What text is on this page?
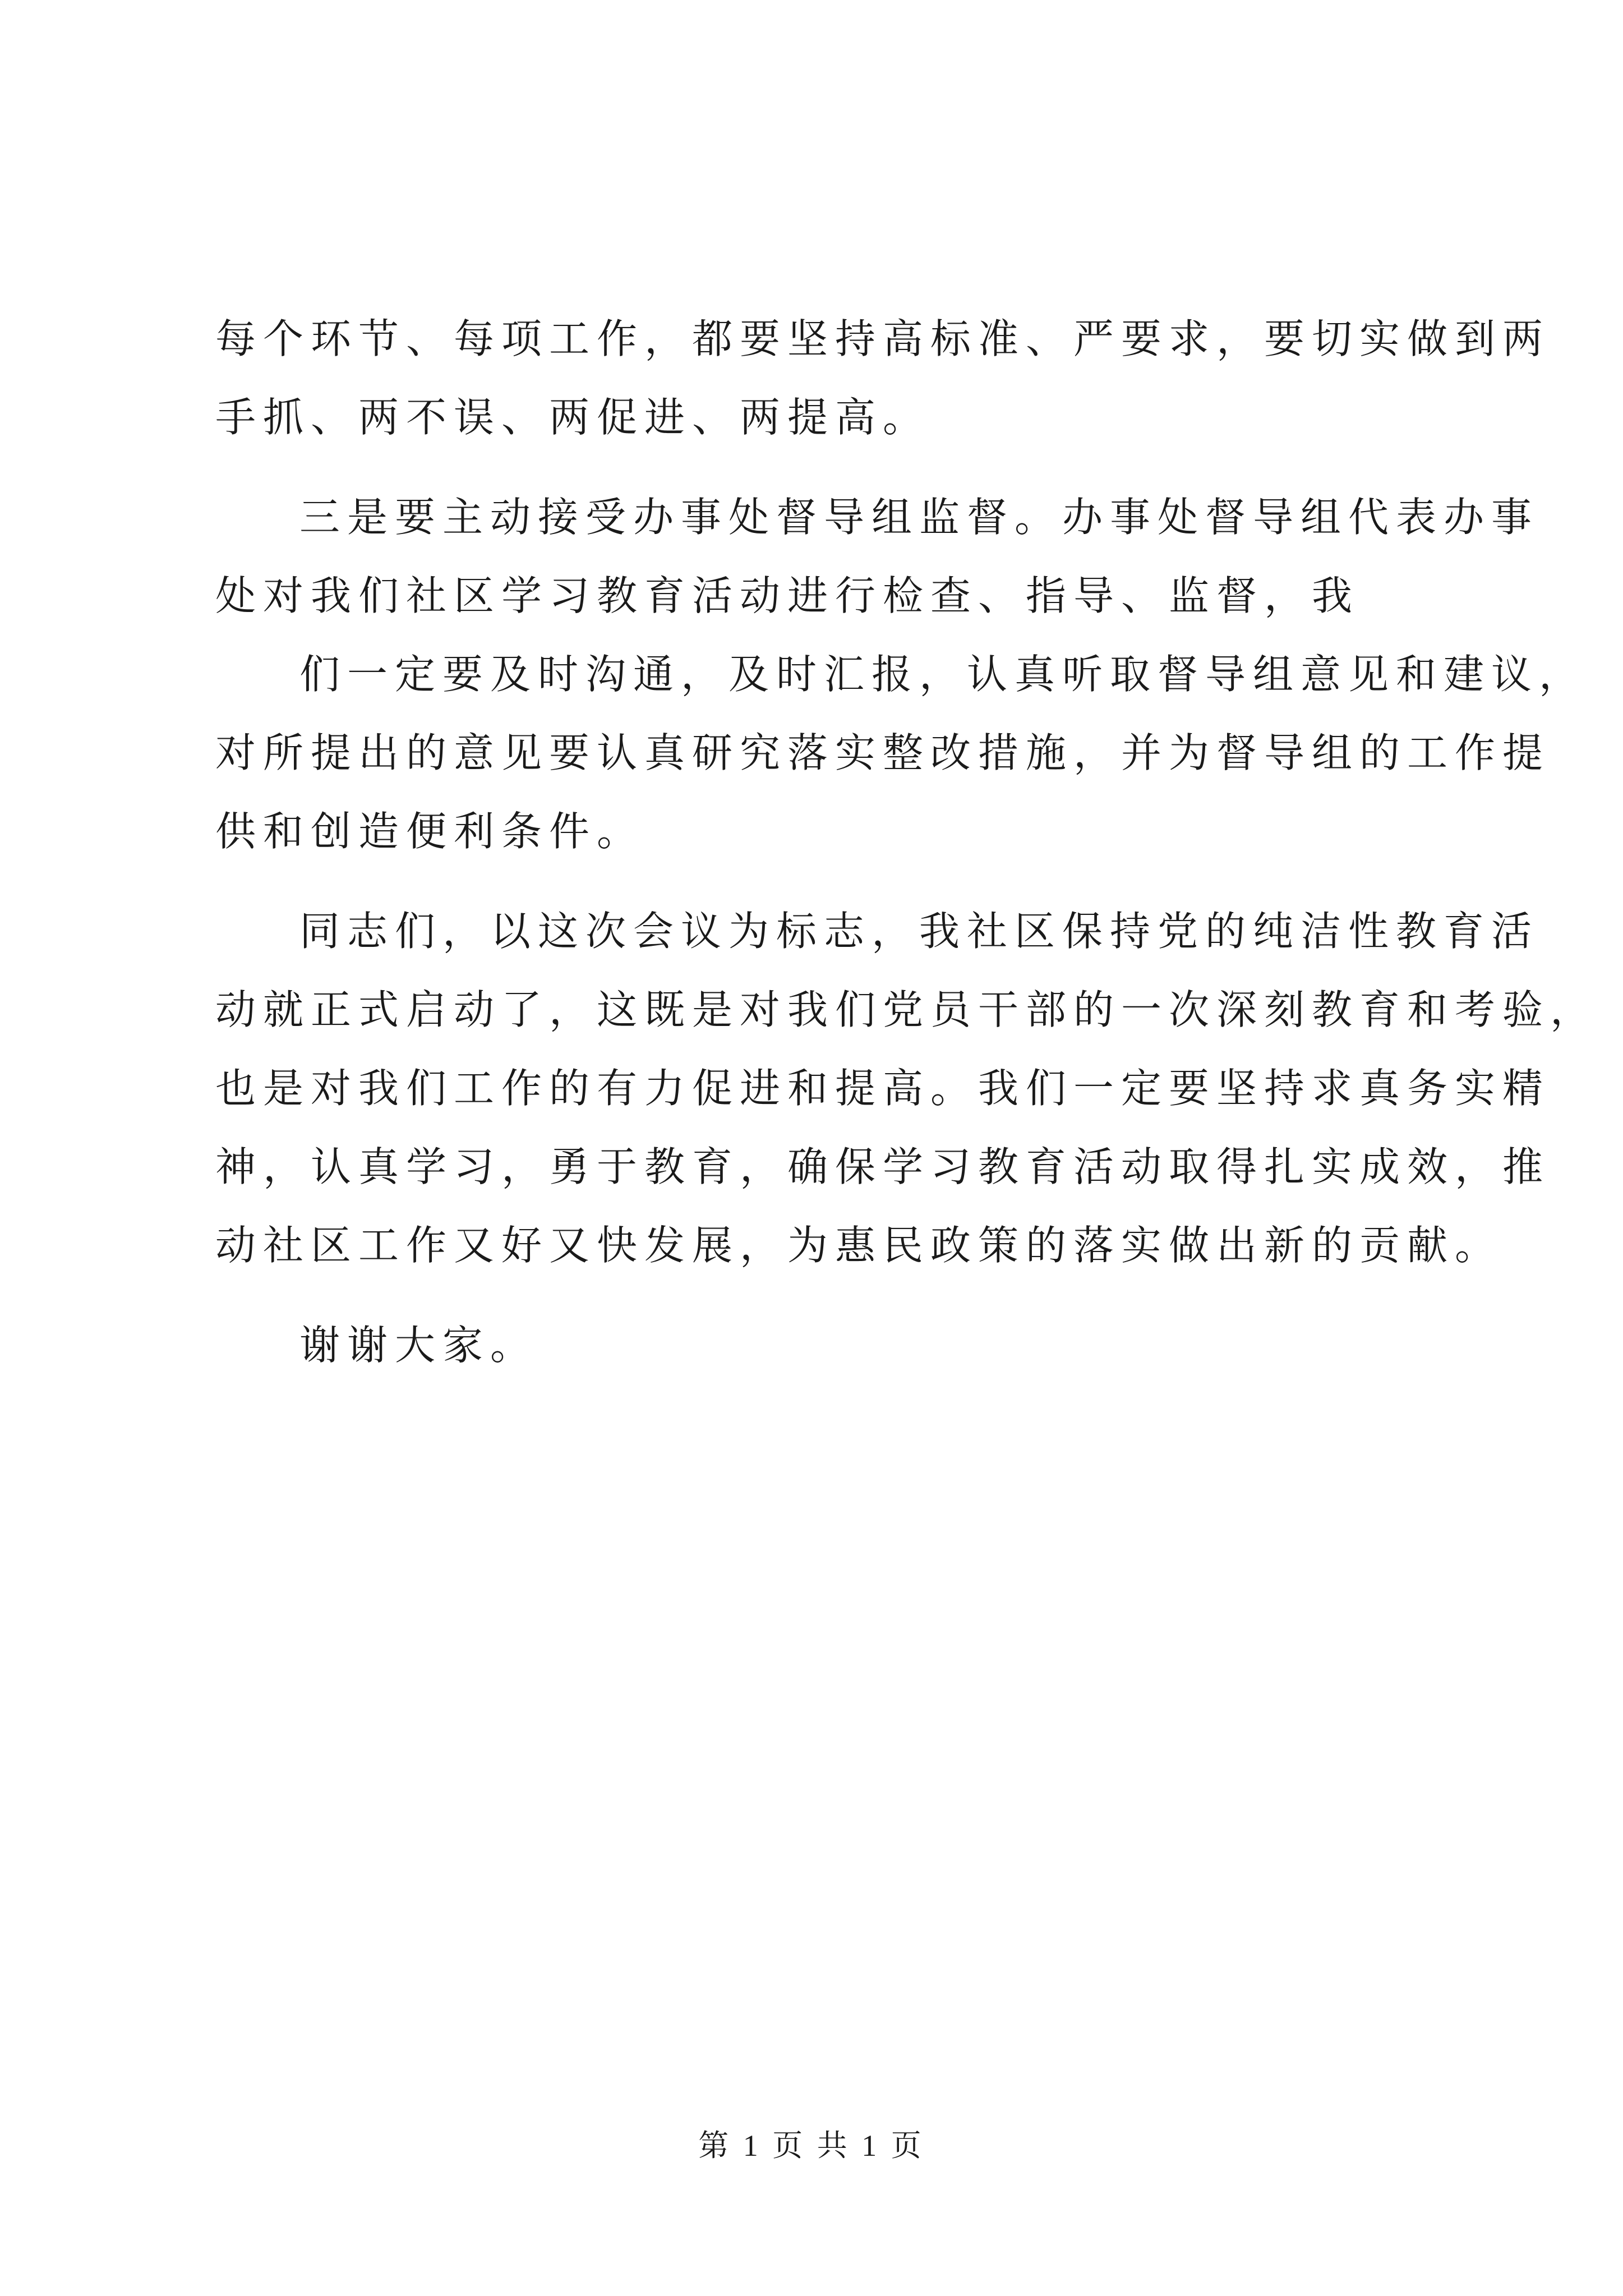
每个环节、每项工作，都要坚持高标准、严要求，要切实做到两
手抓、两不误、两促进、两提高。
三是要主动接受办事处督导组监督。办事处督导组代表办事
处对我们社区学习教育活动进行检查、指导、监督，我
们一定要及时沟通，及时汇报，认真听取督导组意见和建议，
对所提出的意见要认真研究落实整改措施，并为督导组的工作提
供和创造便利条件。
同志们，以这次会议为标志，我社区保持党的纯洁性教育活
动就正式启动了，这既是对我们党员干部的一次深刻教育和考验，
也是对我们工作的有力促进和提高。我们一定要坚持求真务实精
神，认真学习，勇于教育，确保学习教育活动取得扎实成效，推
动社区工作又好又快发展，为惠民政策的落实做出新的贡献。
谢谢大家。
第 1 页 共 1 页
